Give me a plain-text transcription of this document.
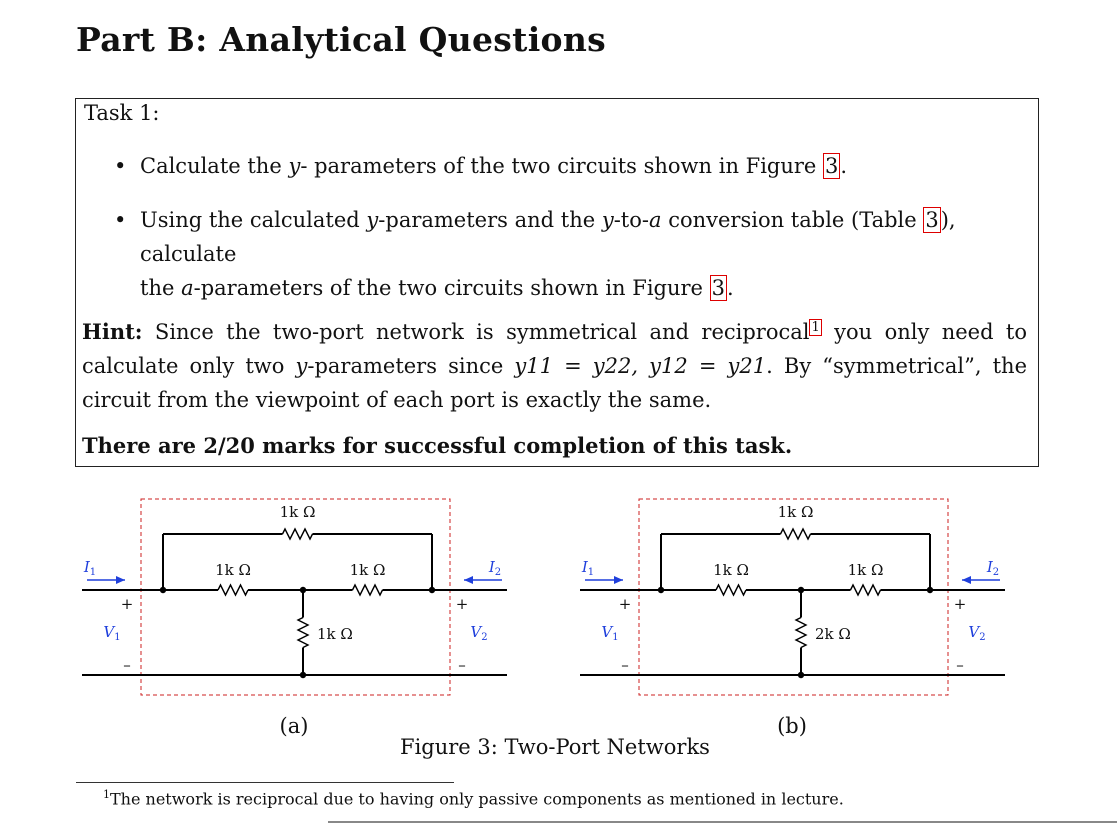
Part B: Analytical Questions
Task 1:
• Calculate the y- parameters of the two circuits shown in Figure 3.
• Using the calculated y-parameters and the y-to-a conversion table (Table 3), calculate
the a-parameters of the two circuits shown in Figure 3.
Hint: Since the two-port network is symmetrical and reciprocal $^1$ you only need to calculate only two y-parameters since y11 = y22, y12 = y21. By “symmetrical”, the circuit from the viewpoint of each port is exactly the same.
There are 2/20 marks for successful completion of this task.
1k Ω
1k Ω	1k Ω
1k Ω
$I_1$	$I_2$
+
$V_1$
–
+
$V_2$
–
(a)
1k Ω
1k Ω	1k Ω
2k Ω
$I_1$	$I_2$
+
$V_1$
–
+
$V_2$
–
(b)
Figure 3: Two-Port Networks
$^1$The network is reciprocal due to having only passive components as mentioned in lecture.
